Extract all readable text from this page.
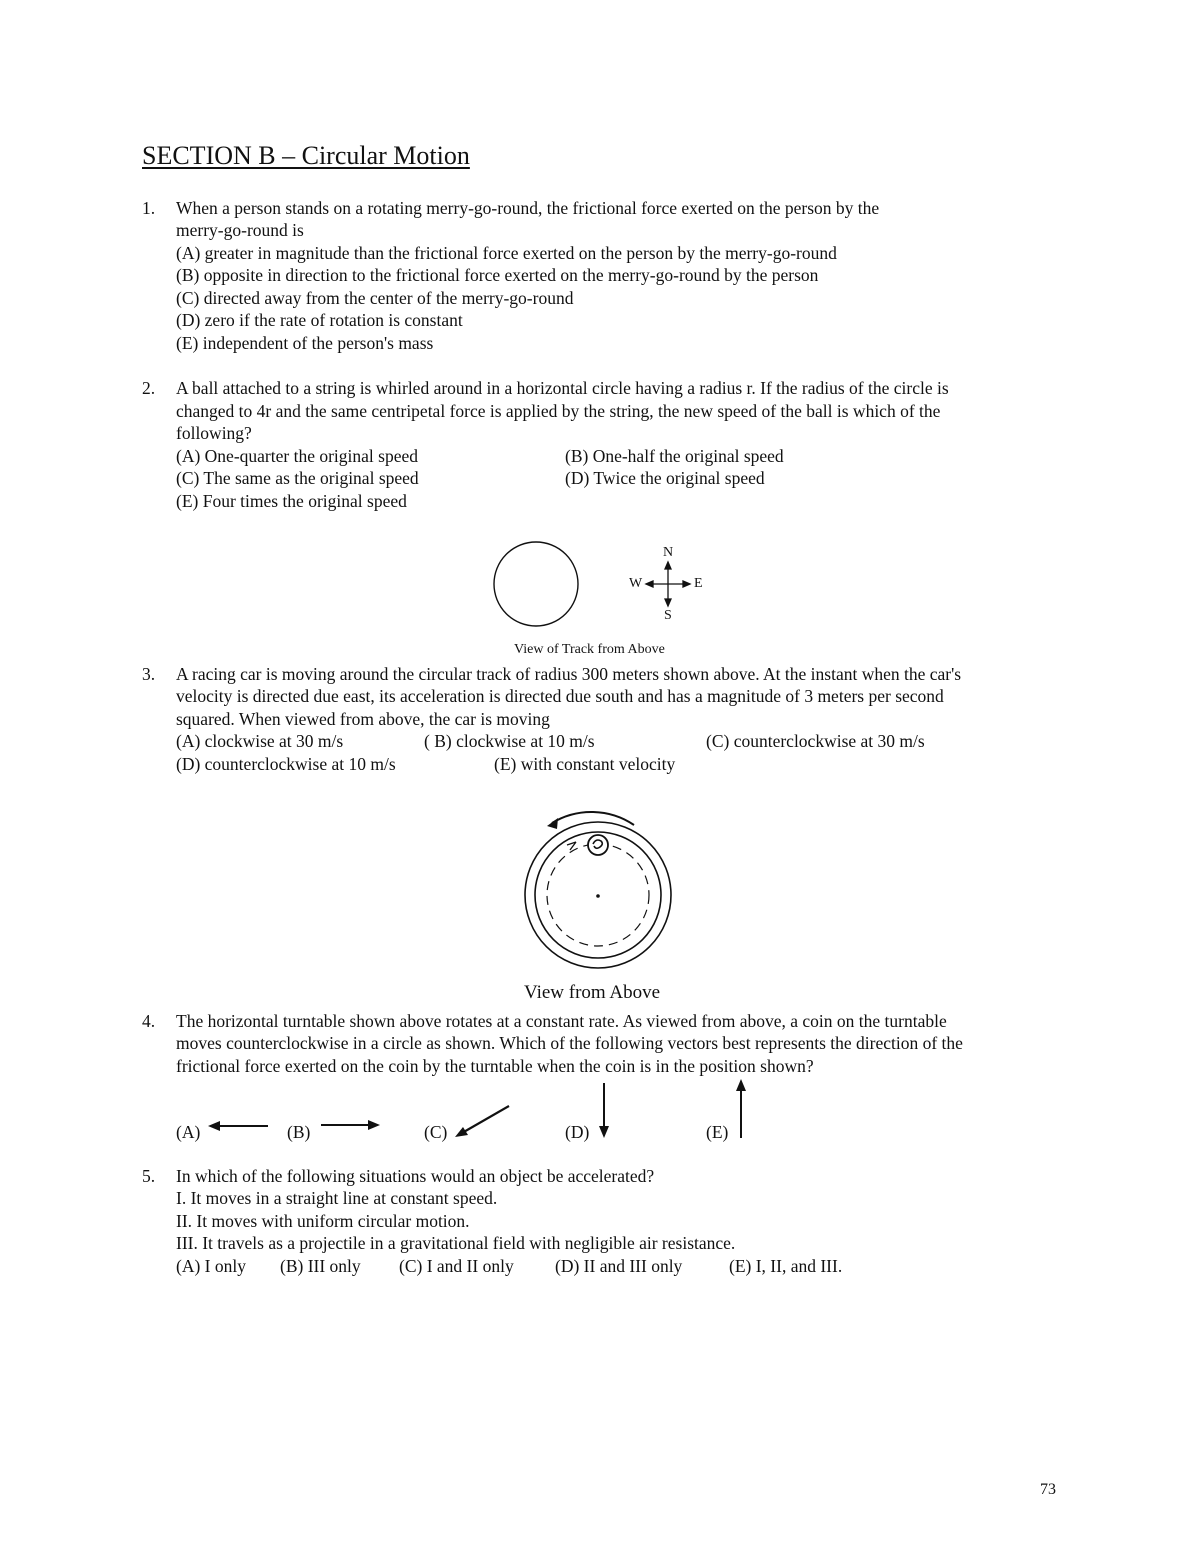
SECTION B – Circular Motion
1. When a person stands on a rotating merry-go-round, the frictional force exerted on the person by the
merry-go-round is
(A) greater in magnitude than the frictional force exerted on the person by the merry-go-round
(B) opposite in direction to the frictional force exerted on the merry-go-round by the person
(C) directed away from the center of the merry-go-round
(D) zero if the rate of rotation is constant
(E) independent of the person's mass
2. A ball attached to a string is whirled around in a horizontal circle having a radius r. If the radius of the circle is
changed to 4r and the same centripetal force is applied by the string, the new speed of the ball is which of the
following?
(A) One-quarter the original speed	(B) One-half the original speed
(C) The same as the original speed	(D) Twice the original speed
(E) Four times the original speed
N
W	E
S
View of Track from Above
3. A racing car is moving around the circular track of radius 300 meters shown above. At the instant when the car's
velocity is directed due east, its acceleration is directed due south and has a magnitude of 3 meters per second
squared. When viewed from above, the car is moving
(A) clockwise at 30 m/s	( B) clockwise at 10 m/s	(C) counterclockwise at 30 m/s
(D) counterclockwise at 10 m/s	(E) with constant velocity
View from Above
4. The horizontal turntable shown above rotates at a constant rate. As viewed from above, a coin on the turntable
moves counterclockwise in a circle as shown. Which of the following vectors best represents the direction of the
frictional force exerted on the coin by the turntable when the coin is in the position shown?
(A)	(B)	(C)	(D)	(E)
5. In which of the following situations would an object be accelerated?
I. It moves in a straight line at constant speed.
II. It moves with uniform circular motion.
III. It travels as a projectile in a gravitational field with negligible air resistance.
(A) I only (B) III only (C) I and II only (D) II and III only	(E) I, II, and III.
73
